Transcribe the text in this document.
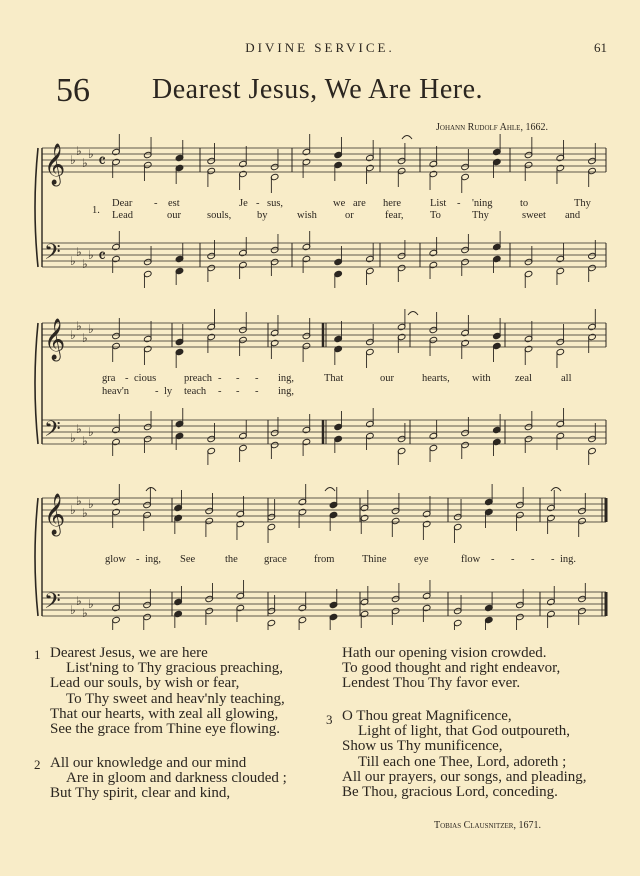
DIVINE SERVICE.	61
56 Dearest Jesus, We Are Here.
Johann Rudolf Ahle, 1662.
𝄞
𝄢
♭
♭
♭
♭
♭
♭
♭
♭
𝄴
𝄴
𝄞
𝄢
♭
♭
♭
♭
♭
♭
♭
♭
𝄞
𝄢
♭
♭
♭
♭
♭
♭
♭
♭
1.
Dear - est	Je - sus,	we are here	List - 'ning	to	Thy
Lead	our souls, by	wish	or	fear,	To	Thy	sweet and
gra - cious	preach - - - ing,	That	our	hearts, with zeal	all
heav'n - ly teach - - - ing,
glow - ing, See	the grace	from	Thine	eye	flow - - - - ing.
1 Dearest Jesus, we are here
List'ning to Thy gracious preaching,
Lead our souls, by wish or fear,
To Thy sweet and heav'nly teaching,
That our hearts, with zeal all glowing,
See the grace from Thine eye flowing.
2 All our knowledge and our mind
Are in gloom and darkness clouded ;
But Thy spirit, clear and kind,
Hath our opening vision crowded.
To good thought and right endeavor,
Lendest Thou Thy favor ever.
3 O Thou great Magnificence,
Light of light, that God outpoureth,
Show us Thy munificence,
Till each one Thee, Lord, adoreth ;
All our prayers, our songs, and pleading,
Be Thou, gracious Lord, conceding.
Tobias Clausnitzer, 1671.
